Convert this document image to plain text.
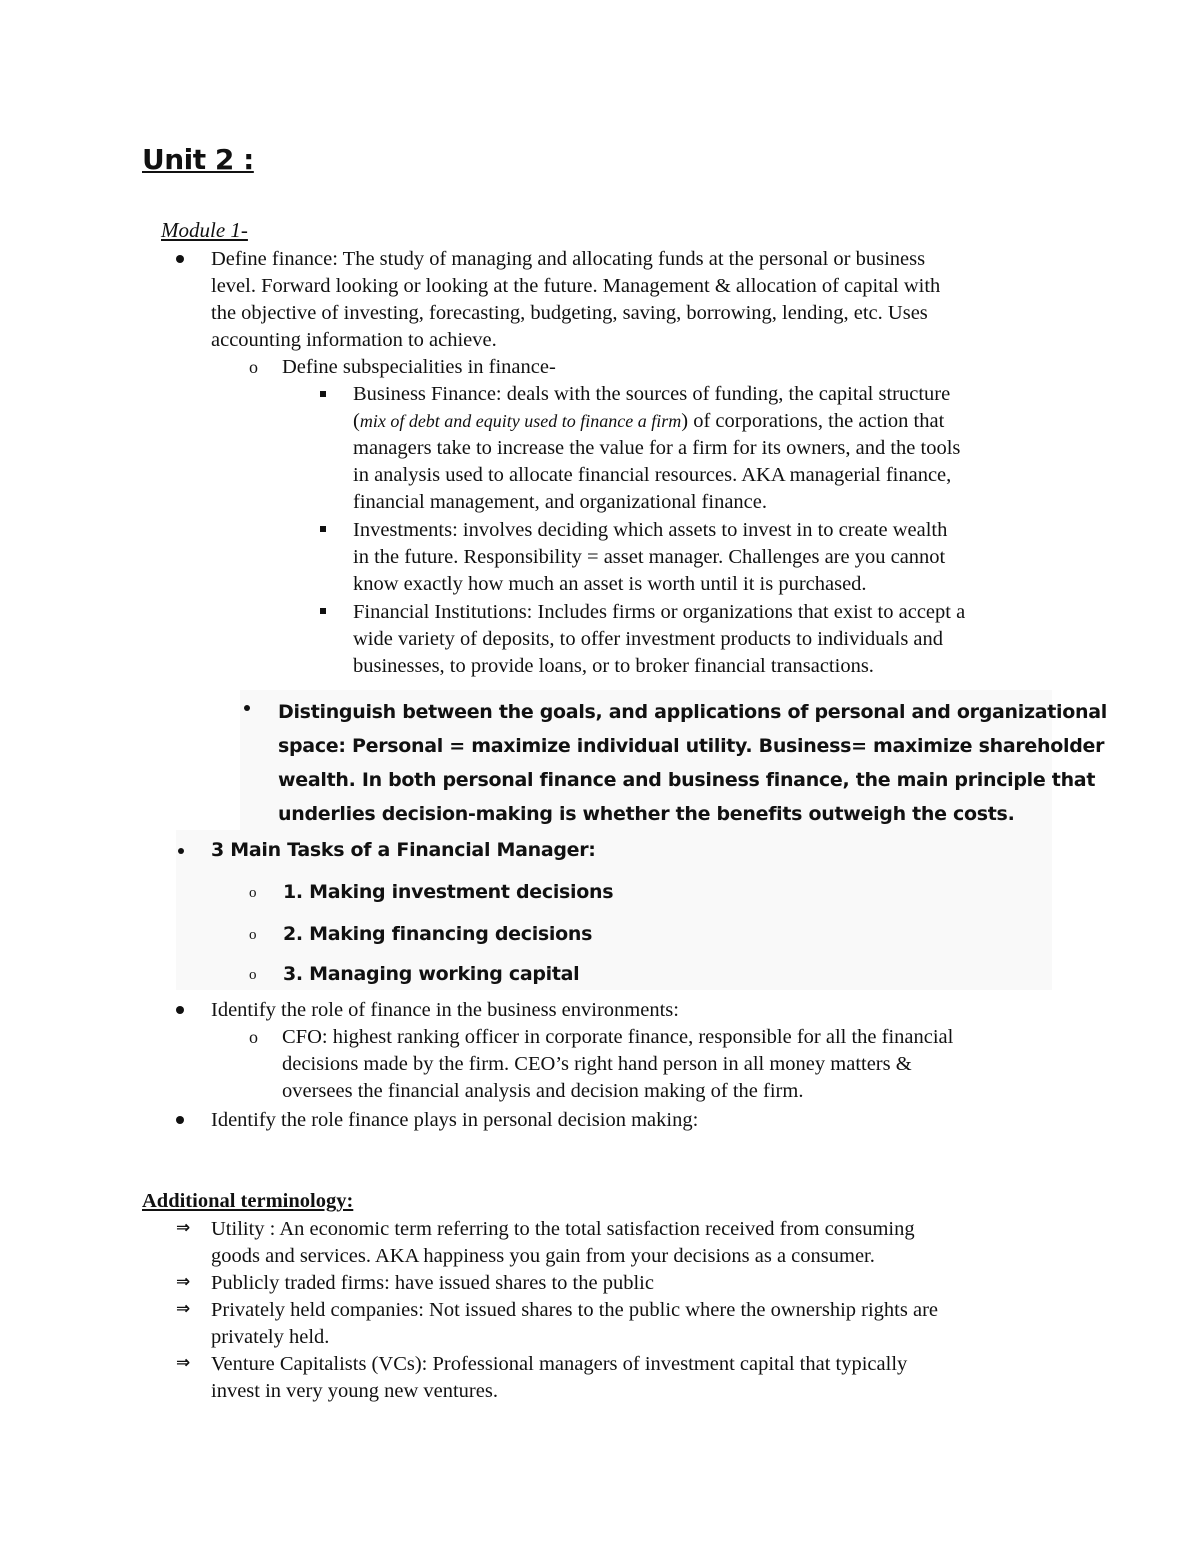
Unit 2 :
Module 1-
Define finance: The study of managing and allocating funds at the personal or business
level. Forward looking or looking at the future. Management & allocation of capital with
the objective of investing, forecasting, budgeting, saving, borrowing, lending, etc. Uses
accounting information to achieve.
o Define subspecialities in finance-
Business Finance: deals with the sources of funding, the capital structure
(mix of debt and equity used to finance a firm) of corporations, the action that
managers take to increase the value for a firm for its owners, and the tools
in analysis used to allocate financial resources. AKA managerial finance,
financial management, and organizational finance.
Investments: involves deciding which assets to invest in to create wealth
in the future. Responsibility = asset manager. Challenges are you cannot
know exactly how much an asset is worth until it is purchased.
Financial Institutions: Includes firms or organizations that exist to accept a
wide variety of deposits, to offer investment products to individuals and
businesses, to provide loans, or to broker financial transactions.
Distinguish between the goals, and applications of personal and organizational
space: Personal = maximize individual utility. Business= maximize shareholder
wealth. In both personal finance and business finance, the main principle that
underlies decision-making is whether the benefits outweigh the costs.
3 Main Tasks of a Financial Manager:
o 1. Making investment decisions
o 2. Making financing decisions
o 3. Managing working capital
Identify the role of finance in the business environments:
o CFO: highest ranking officer in corporate finance, responsible for all the financial
decisions made by the firm. CEO’s right hand person in all money matters &
oversees the financial analysis and decision making of the firm.
Identify the role finance plays in personal decision making:
Additional terminology:
⇒ Utility : An economic term referring to the total satisfaction received from consuming
goods and services. AKA happiness you gain from your decisions as a consumer.
⇒ Publicly traded firms: have issued shares to the public
⇒ Privately held companies: Not issued shares to the public where the ownership rights are
privately held.
⇒ Venture Capitalists (VCs): Professional managers of investment capital that typically
invest in very young new ventures.
